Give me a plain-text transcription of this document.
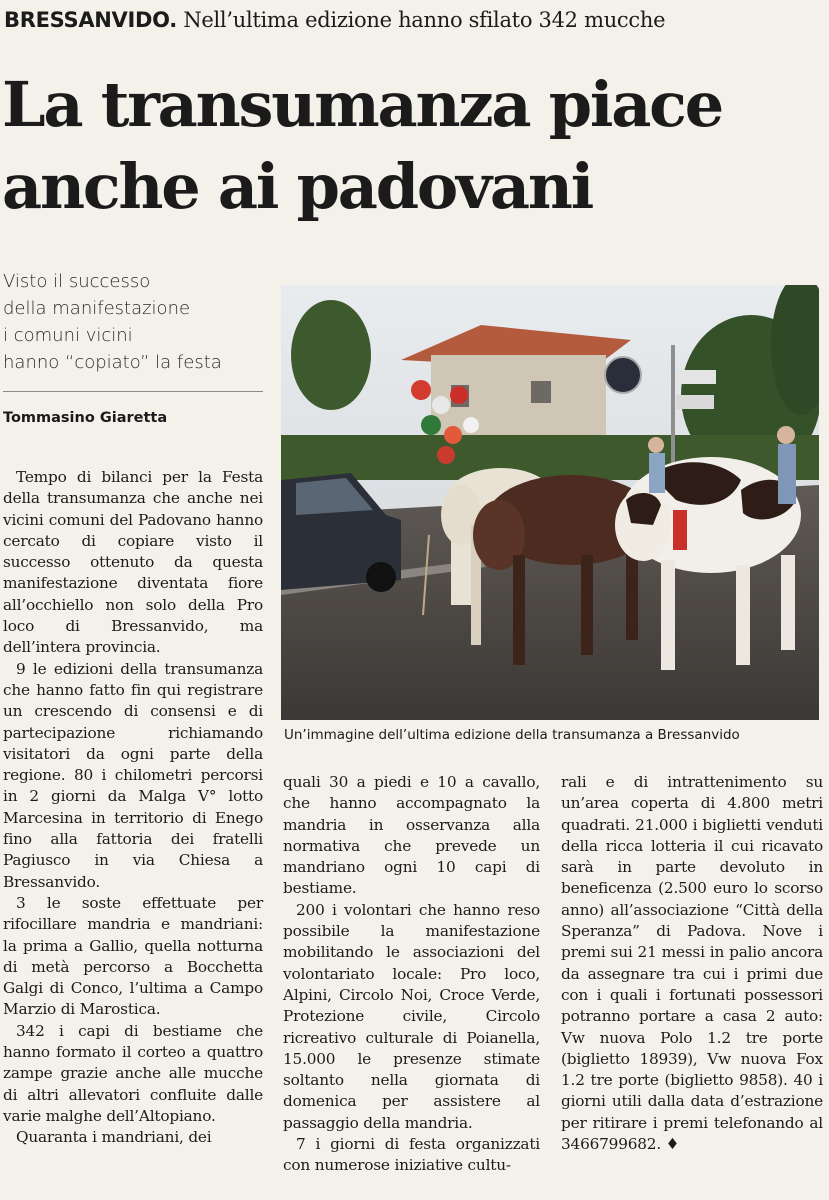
BRESSANVIDO. Nell’ultima edizione hanno sfilato 342 mucche
La transumanza piace
anche ai padovani
Visto il successo
della manifestazione
i comuni vicini
hanno “copiato” la festa
Tommasino Giaretta

Tempo di bilanci per la Festa della transumanza che anche nei vicini comuni del Padovano hanno cercato di copiare visto il successo ottenuto da questa manifestazione diventata fiore all’occhiello non solo della Pro loco di Bressanvido, ma dell’intera provincia.

9 le edizioni della transumanza che hanno fatto fin qui registrare un crescendo di consensi e di partecipazione richiamando visitatori da ogni parte della regione. 80 i chilometri percorsi in 2 giorni da Malga V° lotto Marcesina in territorio di Enego fino alla fattoria dei fratelli Pagiusco in via Chiesa a Bressanvido.

3 le soste effettuate per rifocillare mandria e mandriani: la prima a Gallio, quella notturna di metà percorso a Bocchetta Galgi di Conco, l’ultima a Campo Marzio di Marostica.

342 i capi di bestiame che hanno formato il corteo a quattro zampe grazie anche alle mucche di altri allevatori confluite dalle varie malghe dell’Altopiano.

Quaranta i mandriani, dei

Un’immagine dell’ultima edizione della transumanza a Bressanvido

quali 30 a piedi e 10 a cavallo, che hanno accompagnato la mandria in osservanza alla normativa che prevede un mandriano ogni 10 capi di bestiame.

200 i volontari che hanno reso possibile la manifestazione mobilitando le associazioni del volontariato locale: Pro loco, Alpini, Circolo Noi, Croce Verde, Protezione civile, Circolo ricreativo culturale di Poianella, 15.000 le presenze stimate soltanto nella giornata di domenica per assistere al passaggio della mandria.

7 i giorni di festa organizzati con numerose iniziative cultu-

rali e di intrattenimento su un’area coperta di 4.800 metri quadrati. 21.000 i biglietti venduti della ricca lotteria il cui ricavato sarà in parte devoluto in beneficenza (2.500 euro lo scorso anno) all’associazione “Città della Speranza” di Padova. Nove i premi sui 21 messi in palio ancora da assegnare tra cui i primi due con i quali i fortunati possessori potranno portare a casa 2 auto: Vw nuova Polo 1.2 tre porte (biglietto 18939), Vw nuova Fox 1.2 tre porte (biglietto 9858). 40 i giorni utili dalla data d’estrazione per ritirare i premi telefonando al 3466799682. ♦
